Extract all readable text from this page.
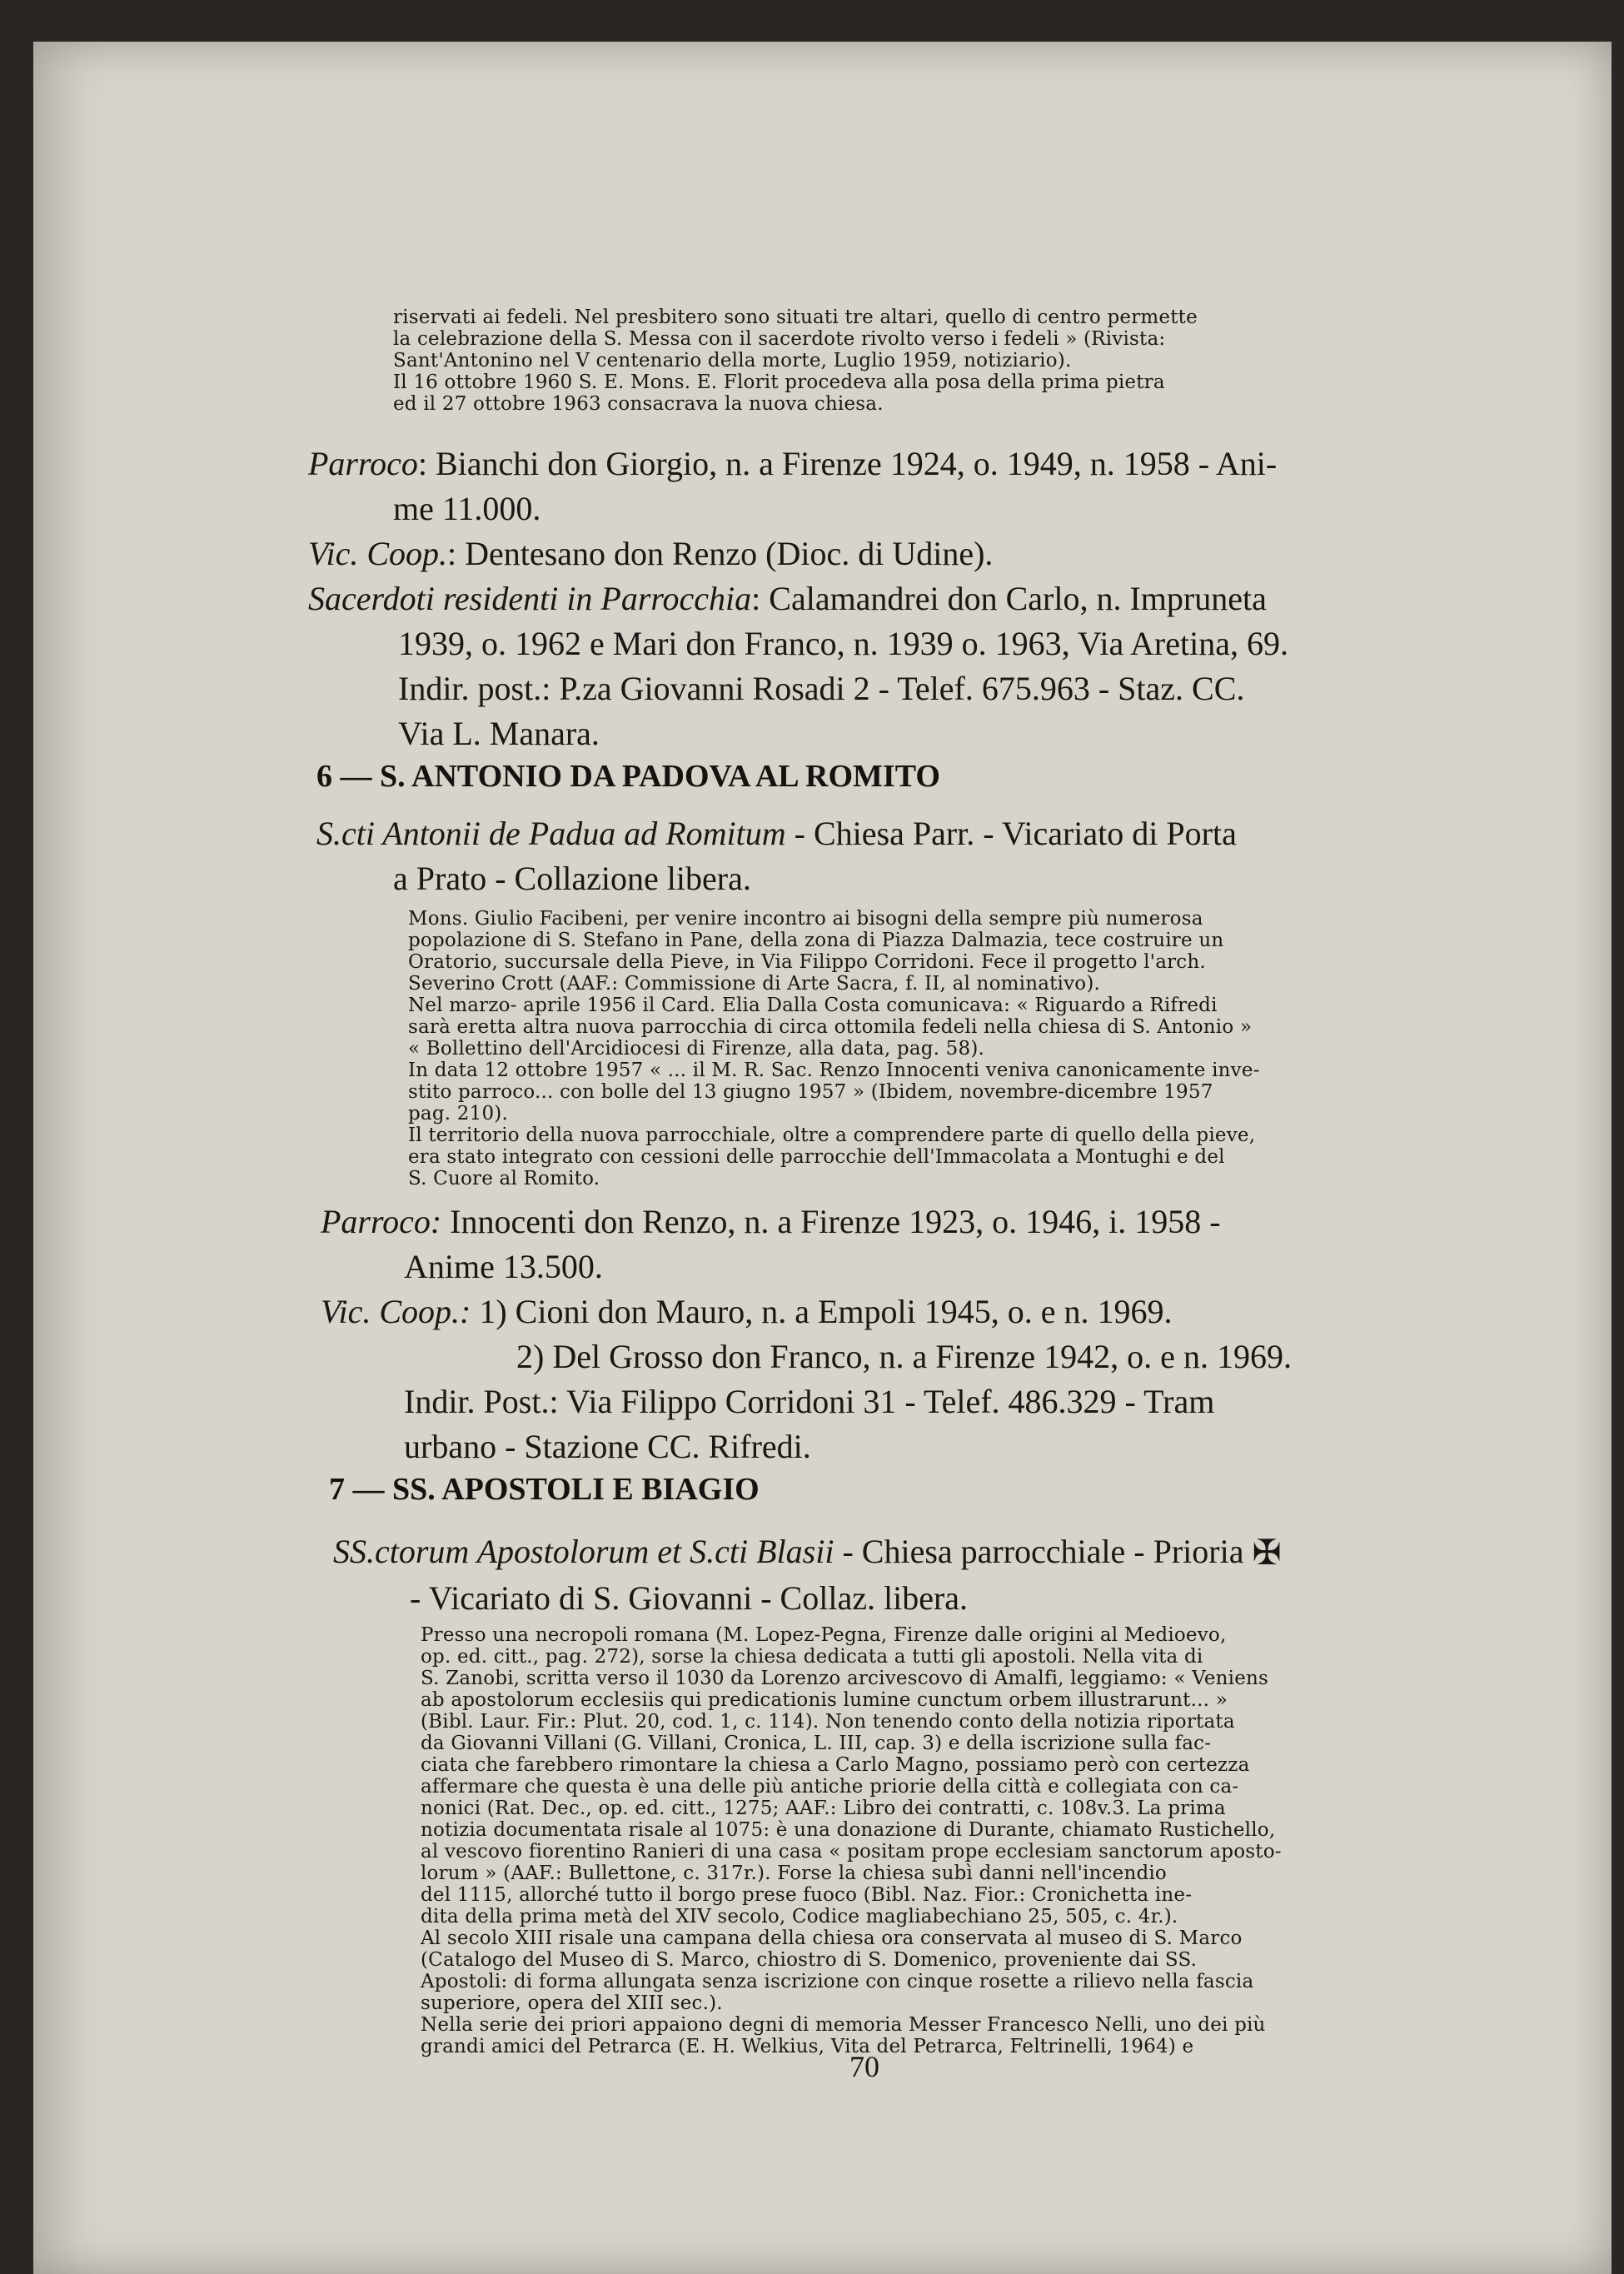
riservati ai fedeli. Nel presbitero sono situati tre altari, quello di centro permette

la celebrazione della S. Messa con il sacerdote rivolto verso i fedeli » (Rivista:

Sant'Antonino nel V centenario della morte, Luglio 1959, notiziario).

Il 16 ottobre 1960 S. E. Mons. E. Florit procedeva alla posa della prima pietra

ed il 27 ottobre 1963 consacrava la nuova chiesa.

Parroco: Bianchi don Giorgio, n. a Firenze 1924, o. 1949, n. 1958 - Ani-

me 11.000.

Vic. Coop.: Dentesano don Renzo (Dioc. di Udine).

Sacerdoti residenti in Parrocchia: Calamandrei don Carlo, n. Impruneta

1939, o. 1962 e Mari don Franco, n. 1939 o. 1963, Via Aretina, 69.

Indir. post.: P.za Giovanni Rosadi 2 - Telef. 675.963 - Staz. CC.

Via L. Manara.

6 — S. ANTONIO DA PADOVA AL ROMITO

S.cti Antonii de Padua ad Romitum - Chiesa Parr. - Vicariato di Porta

a Prato - Collazione libera.

Mons. Giulio Facibeni, per venire incontro ai bisogni della sempre più numerosa

popolazione di S. Stefano in Pane, della zona di Piazza Dalmazia, tece costruire un

Oratorio, succursale della Pieve, in Via Filippo Corridoni. Fece il progetto l'arch.

Severino Crott (AAF.: Commissione di Arte Sacra, f. II, al nominativo).

Nel marzo- aprile 1956 il Card. Elia Dalla Costa comunicava: « Riguardo a Rifredi

sarà eretta altra nuova parrocchia di circa ottomila fedeli nella chiesa di S. Antonio »

« Bollettino dell'Arcidiocesi di Firenze, alla data, pag. 58).

In data 12 ottobre 1957 « ... il M. R. Sac. Renzo Innocenti veniva canonicamente inve-

stito parroco... con bolle del 13 giugno 1957 » (Ibidem, novembre-dicembre 1957

pag. 210).

Il territorio della nuova parrocchiale, oltre a comprendere parte di quello della pieve,

era stato integrato con cessioni delle parrocchie dell'Immacolata a Montughi e del

S. Cuore al Romito.

Parroco: Innocenti don Renzo, n. a Firenze 1923, o. 1946, i. 1958 -

Anime 13.500.

Vic. Coop.: 1) Cioni don Mauro, n. a Empoli 1945, o. e n. 1969.

2) Del Grosso don Franco, n. a Firenze 1942, o. e n. 1969.

Indir. Post.: Via Filippo Corridoni 31 - Telef. 486.329 - Tram

urbano - Stazione CC. Rifredi.

7 — SS. APOSTOLI E BIAGIO

SS.ctorum Apostolorum et S.cti Blasii - Chiesa parrocchiale - Prioria ✠

- Vicariato di S. Giovanni - Collaz. libera.

Presso una necropoli romana (M. Lopez-Pegna, Firenze dalle origini al Medioevo,

op. ed. citt., pag. 272), sorse la chiesa dedicata a tutti gli apostoli. Nella vita di

S. Zanobi, scritta verso il 1030 da Lorenzo arcivescovo di Amalfi, leggiamo: « Veniens

ab apostolorum ecclesiis qui predicationis lumine cunctum orbem illustrarunt... »

(Bibl. Laur. Fir.: Plut. 20, cod. 1, c. 114). Non tenendo conto della notizia riportata

da Giovanni Villani (G. Villani, Cronica, L. III, cap. 3) e della iscrizione sulla fac-

ciata che farebbero rimontare la chiesa a Carlo Magno, possiamo però con certezza

affermare che questa è una delle più antiche priorie della città e collegiata con ca-

nonici (Rat. Dec., op. ed. citt., 1275; AAF.: Libro dei contratti, c. 108v.3. La prima

notizia documentata risale al 1075: è una donazione di Durante, chiamato Rustichello,

al vescovo fiorentino Ranieri di una casa « positam prope ecclesiam sanctorum aposto-

lorum » (AAF.: Bullettone, c. 317r.). Forse la chiesa subì danni nell'incendio

del 1115, allorché tutto il borgo prese fuoco (Bibl. Naz. Fior.: Cronichetta ine-

dita della prima metà del XIV secolo, Codice magliabechiano 25, 505, c. 4r.).

Al secolo XIII risale una campana della chiesa ora conservata al museo di S. Marco

(Catalogo del Museo di S. Marco, chiostro di S. Domenico, proveniente dai SS.

Apostoli: di forma allungata senza iscrizione con cinque rosette a rilievo nella fascia

superiore, opera del XIII sec.).

Nella serie dei priori appaiono degni di memoria Messer Francesco Nelli, uno dei più

grandi amici del Petrarca (E. H. Welkius, Vita del Petrarca, Feltrinelli, 1964) e

70
